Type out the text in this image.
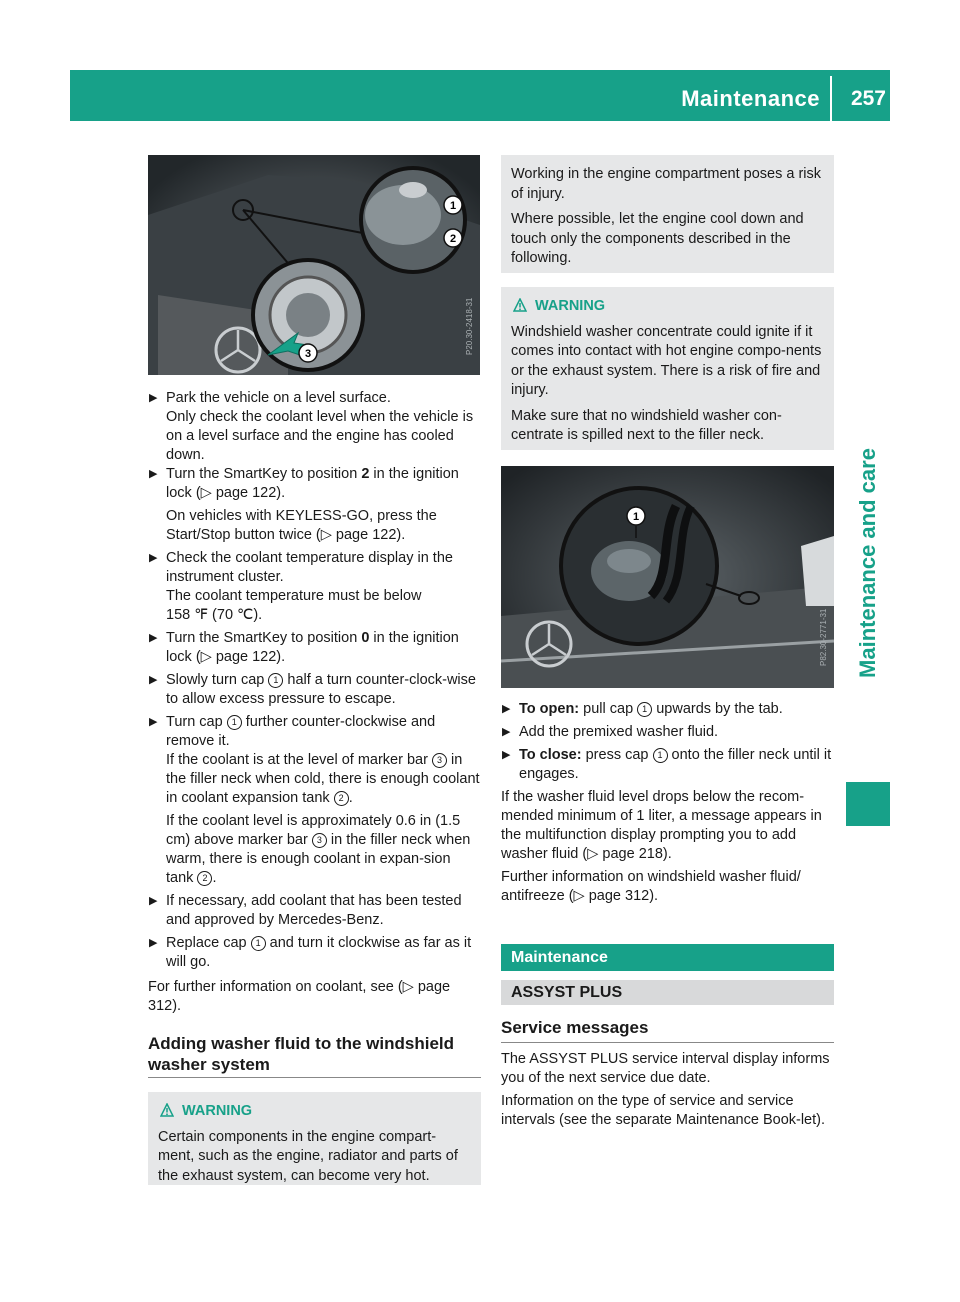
Maintenance 257
Maintenance and care
1
2
3	P20.30-2418-31

▶ Park the vehicle on a level surface.

Only check the coolant level when the vehicle is on a level surface and the engine has cooled down.

▶ Turn the SmartKey to position 2 in the ignition lock (▷ page 122).

On vehicles with KEYLESS-GO, press the Start/Stop button twice (▷ page 122).

▶ Check the coolant temperature display in the instrument cluster.

The coolant temperature must be below
158 ℉ (70 ℃).

▶ Turn the SmartKey to position 0 in the ignition lock (▷ page 122).

▶ Slowly turn cap 1 half a turn counter-clock-wise to allow excess pressure to escape.

▶ Turn cap 1 further counter-clockwise and remove it.

If the coolant is at the level of marker bar 3 in the filler neck when cold, there is enough coolant in coolant expansion tank 2 .

If the coolant level is approximately 0.6 in (1.5 cm) above marker bar 3 in the filler neck when warm, there is enough coolant in expan-sion tank 2 .

▶ If necessary, add coolant that has been tested and approved by Mercedes-Benz.

▶ Replace cap 1 and turn it clockwise as far as it will go.

For further information on coolant, see (▷ page 312).

Adding washer fluid to the windshield washer system
WARNING

Certain components in the engine compart-ment, such as the engine, radiator and parts of the exhaust system, can become very hot.

Working in the engine compartment poses a risk of injury.

Where possible, let the engine cool down and touch only the components described in the following.

WARNING

Windshield washer concentrate could ignite if it comes into contact with hot engine compo-nents or the exhaust system. There is a risk of fire and injury.

Make sure that no windshield washer con-centrate is spilled next to the filler neck.

1
P82.30-2771-31

▶ To open: pull cap 1 upwards by the tab.

▶ Add the premixed washer fluid.

▶ To close: press cap 1 onto the filler neck until it engages.

If the washer fluid level drops below the recom-mended minimum of 1 liter, a message appears in the multifunction display prompting you to add washer fluid (▷ page 218).

Further information on windshield washer fluid/ antifreeze (▷ page 312).

Maintenance
ASSYST PLUS
Service messages

The ASSYST PLUS service interval display informs you of the next service due date.

Information on the type of service and service intervals (see the separate Maintenance Book-let).
